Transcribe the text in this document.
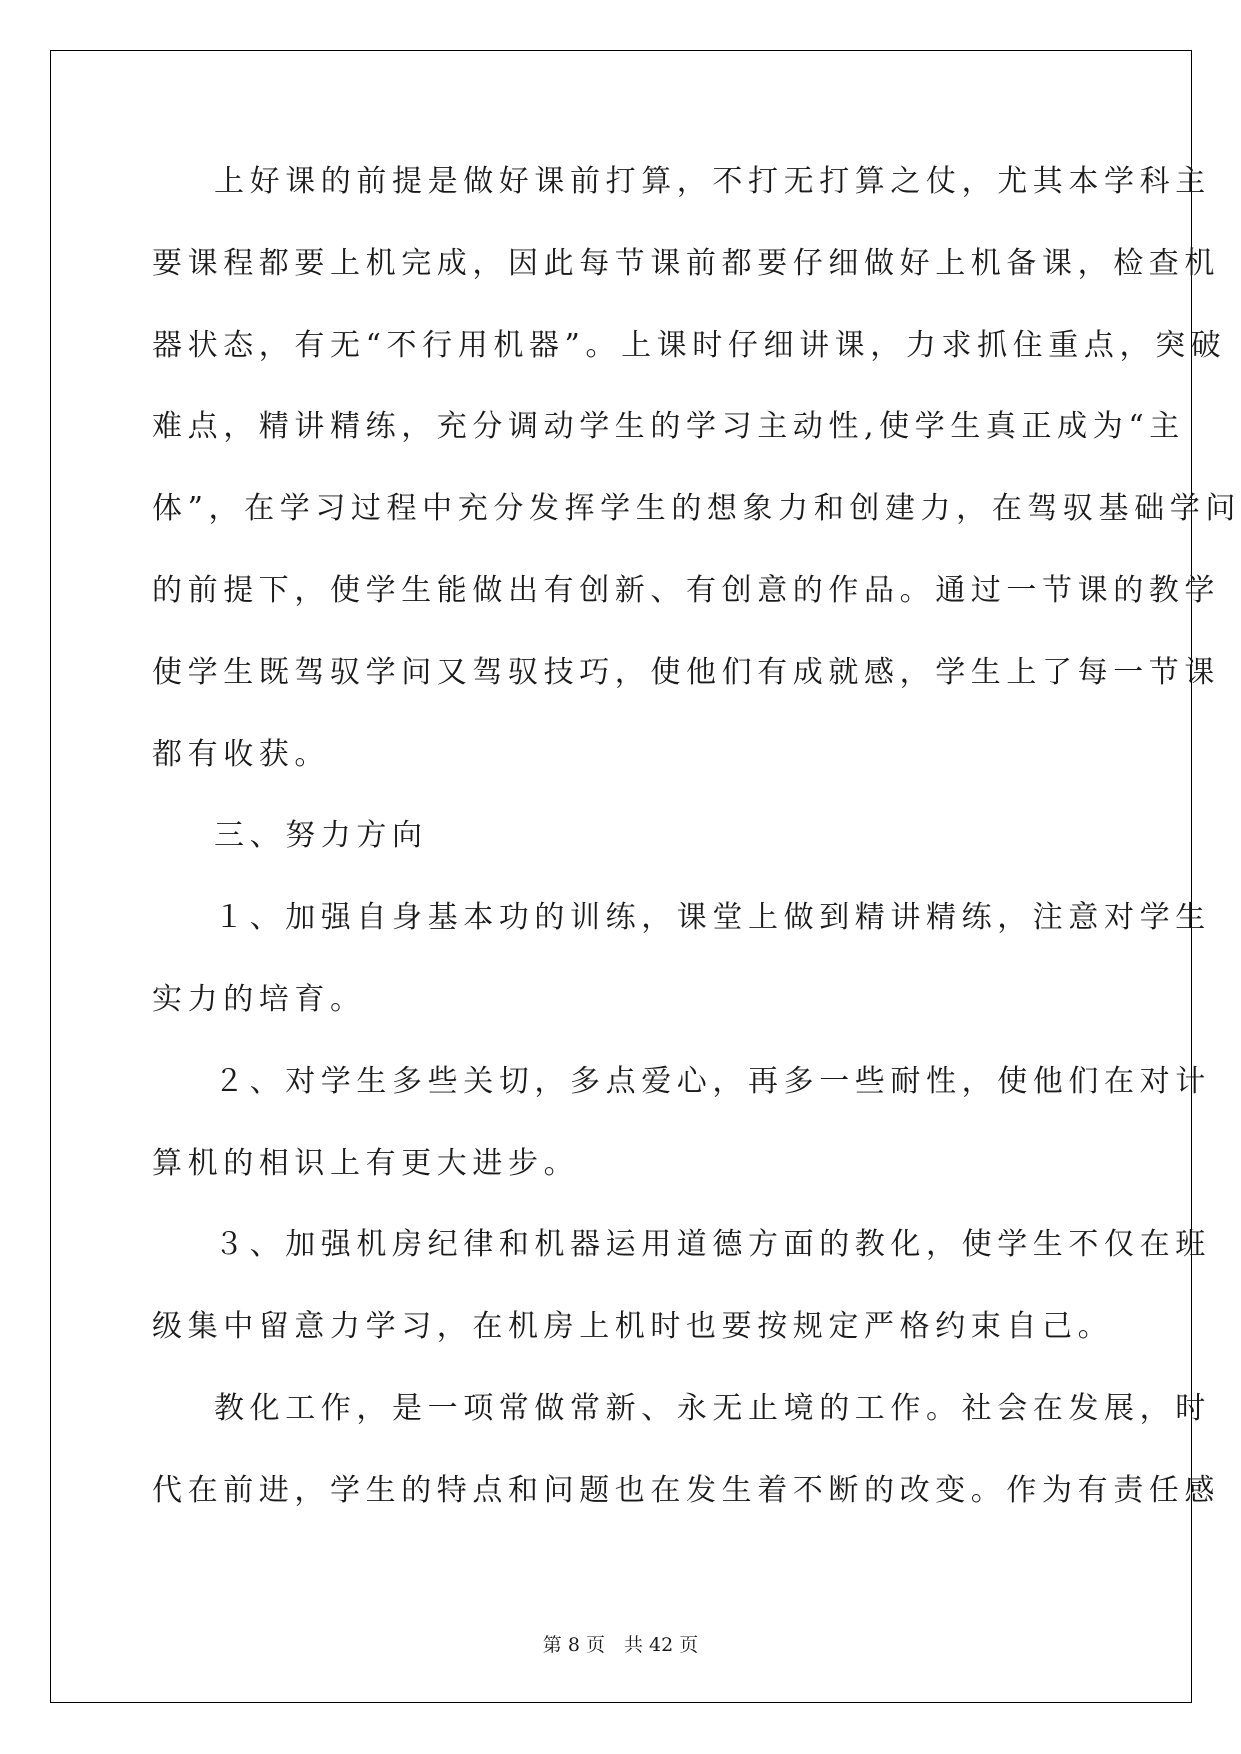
上好课的前提是做好课前打算，不打无打算之仗，尤其本学科主
要课程都要上机完成，因此每节课前都要仔细做好上机备课，检查机
器状态，有无“不行用机器”。上课时仔细讲课，力求抓住重点，突破
难点，精讲精练，充分调动学生的学习主动性,使学生真正成为“主
体”，在学习过程中充分发挥学生的想象力和创建力，在驾驭基础学问
的前提下，使学生能做出有创新、有创意的作品。通过一节课的教学
使学生既驾驭学问又驾驭技巧，使他们有成就感，学生上了每一节课
都有收获。
三、努力方向
１、加强自身基本功的训练，课堂上做到精讲精练，注意对学生
实力的培育。
２、对学生多些关切，多点爱心，再多一些耐性，使他们在对计
算机的相识上有更大进步。
３、加强机房纪律和机器运用道德方面的教化，使学生不仅在班
级集中留意力学习，在机房上机时也要按规定严格约束自己。
教化工作，是一项常做常新、永无止境的工作。社会在发展，时
代在前进，学生的特点和问题也在发生着不断的改变。作为有责任感
第 8 页　共 42 页
